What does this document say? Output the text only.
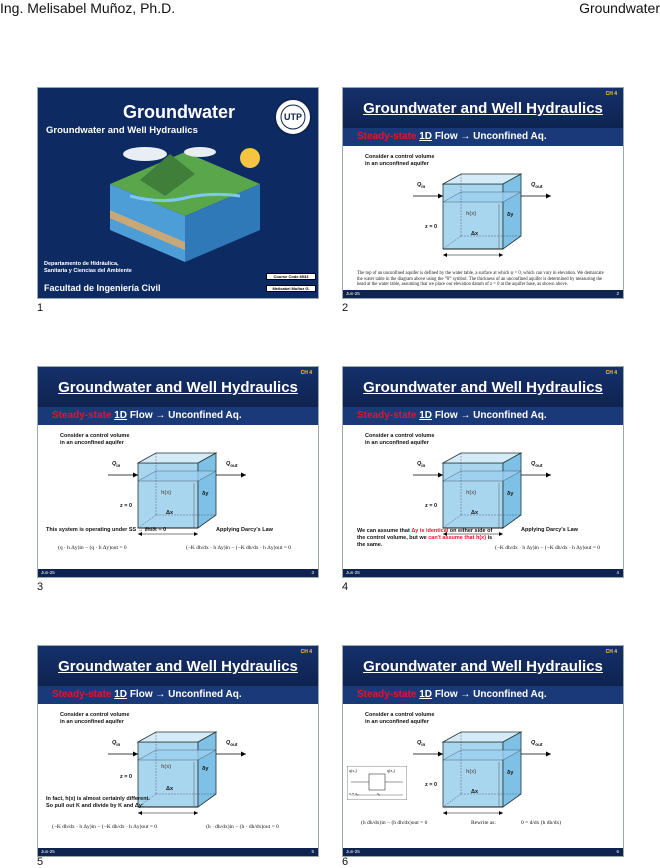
Ing. Melisabel Muñoz, Ph.D.	Groundwater
Groundwater
Groundwater and Well Hydraulics
UTP
Departamento de Hidráulica,
Sanitaria y Ciencias del Ambiente
Facultad de Ingeniería Civil
Course Code 8533
Melisabel Muñoz G.
1
CH 4
Groundwater and Well Hydraulics
Steady-state 1D Flow → Unconfined Aq.
Consider a control volume
in an unconfined aquifer
$Q_{in}$	$Q_{out}$
z = 0
h(x)
Δx
δy
The top of an unconfined aquifer is defined by the water table, a surface at which ψ = 0, which can vary in elevation. We demarcate the water table in the diagram above using the "∇" symbol. The thickness of an unconfined aquifer is determined by measuring the head at the water table, assuming that we place our elevation datum of z = 0 at the aquifer base, as shown above.
Jun-25	2
2
CH 4
Groundwater and Well Hydraulics
Steady-state 1D Flow → Unconfined Aq.
Consider a control volume
in an unconfined aquifer
$Q_{in}$	$Q_{out}$
z = 0
h(x)
Δx
δy
This system is operating under SS → ∂h/∂t = 0	Applying Darcy's Law
(q · h Δy)in − (q · h Δy)out = 0	(−K dh/dx · h Δy)in − (−K dh/dx · h Δy)out = 0
Jun-25	3
3
CH 4
Groundwater and Well Hydraulics
Steady-state 1D Flow → Unconfined Aq.
Consider a control volume
in an unconfined aquifer
$Q_{in}$	$Q_{out}$
z = 0
h(x)
Δx
δy
We can assume that Δy is identical on either side of the control volume, but we can't assume that h(x) is the same.
Applying Darcy's Law
(−K dh/dx · h Δy)in − (−K dh/dx · h Δy)out = 0
Jun-25	4
4
CH 4
Groundwater and Well Hydraulics
Steady-state 1D Flow → Unconfined Aq.
Consider a control volume
in an unconfined aquifer
$Q_{in}$	$Q_{out}$
z = 0
h(x)
Δx
δy
In fact, h(x) is almost certainly different.
So pull out K and divide by K and Δy:
(−K dh/dx · h Δy)in − (−K dh/dx · h Δy)out = 0	(h · dh/dx)in − (h · dh/dx)out = 0
Jun-25	5
5
CH 4
Groundwater and Well Hydraulics
Steady-state 1D Flow → Unconfined Aq.
Consider a control volume
in an unconfined aquifer
$Q_{in}$	$Q_{out}$
z = 0
h(x)
Δx
δy
q(x₁)	q(x₂)
x = x₀	x₁
(h dh/dx)in − (h dh/dx)out = 0	Rewrite as:	0 = d/dx (h dh/dx)
Jun-25	6
6
